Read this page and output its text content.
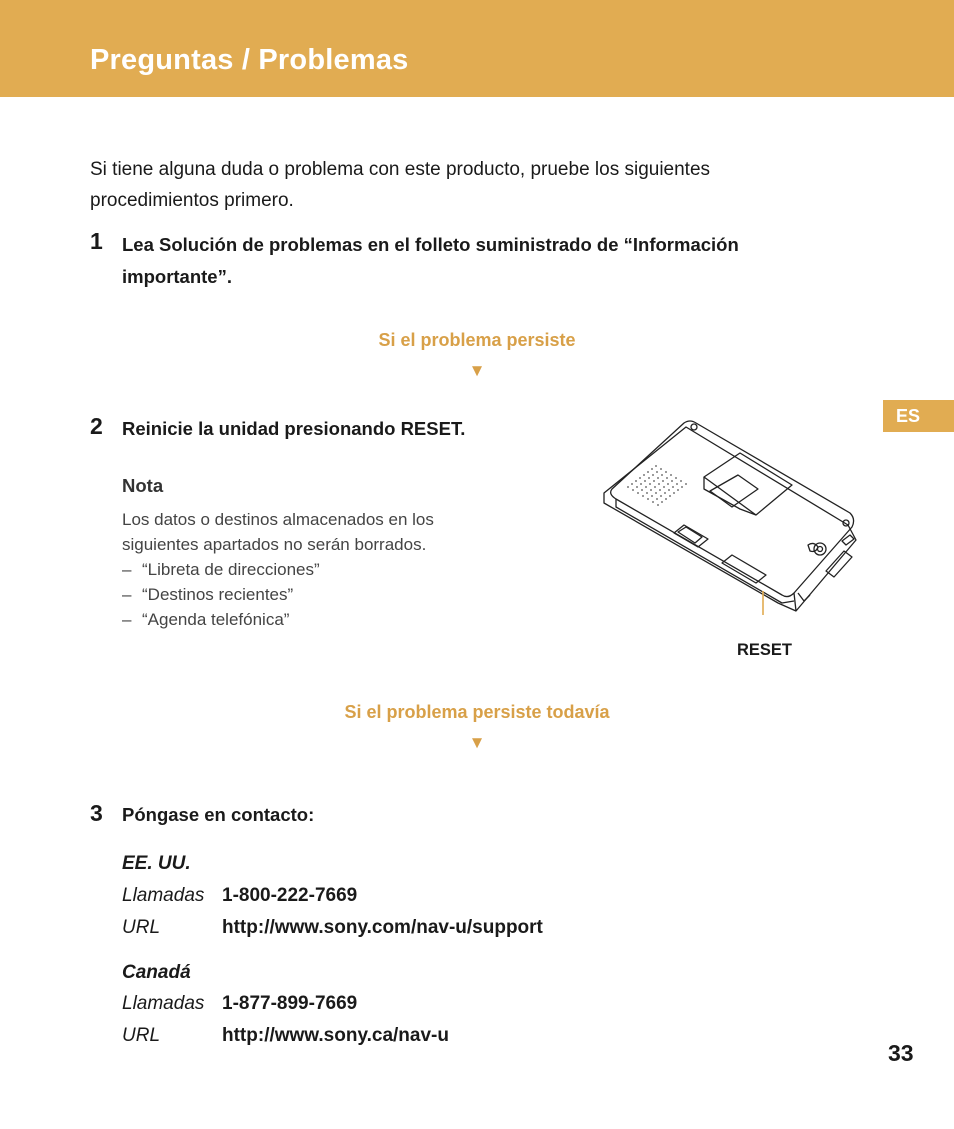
Preguntas / Problemas

Si tiene alguna duda o problema con este producto, pruebe los siguientes procedimientos primero.

1 Lea Solución de problemas en el folleto suministrado de “Información importante”.

Si el problema persiste
▼
2 Reinicie la unidad presionando RESET.

ES
Nota
Los datos o destinos almacenados en los siguientes apartados no serán borrados.
– “Libreta de direcciones”
– “Destinos recientes”
– “Agenda telefónica”
RESET
Si el problema persiste todavía
▼
3 Póngase en contacto:

EE. UU.
Llamadas 1-800-222-7669
URL	http://www.sony.com/nav-u/support
Canadá
Llamadas 1-877-899-7669
URL	http://www.sony.ca/nav-u
33
